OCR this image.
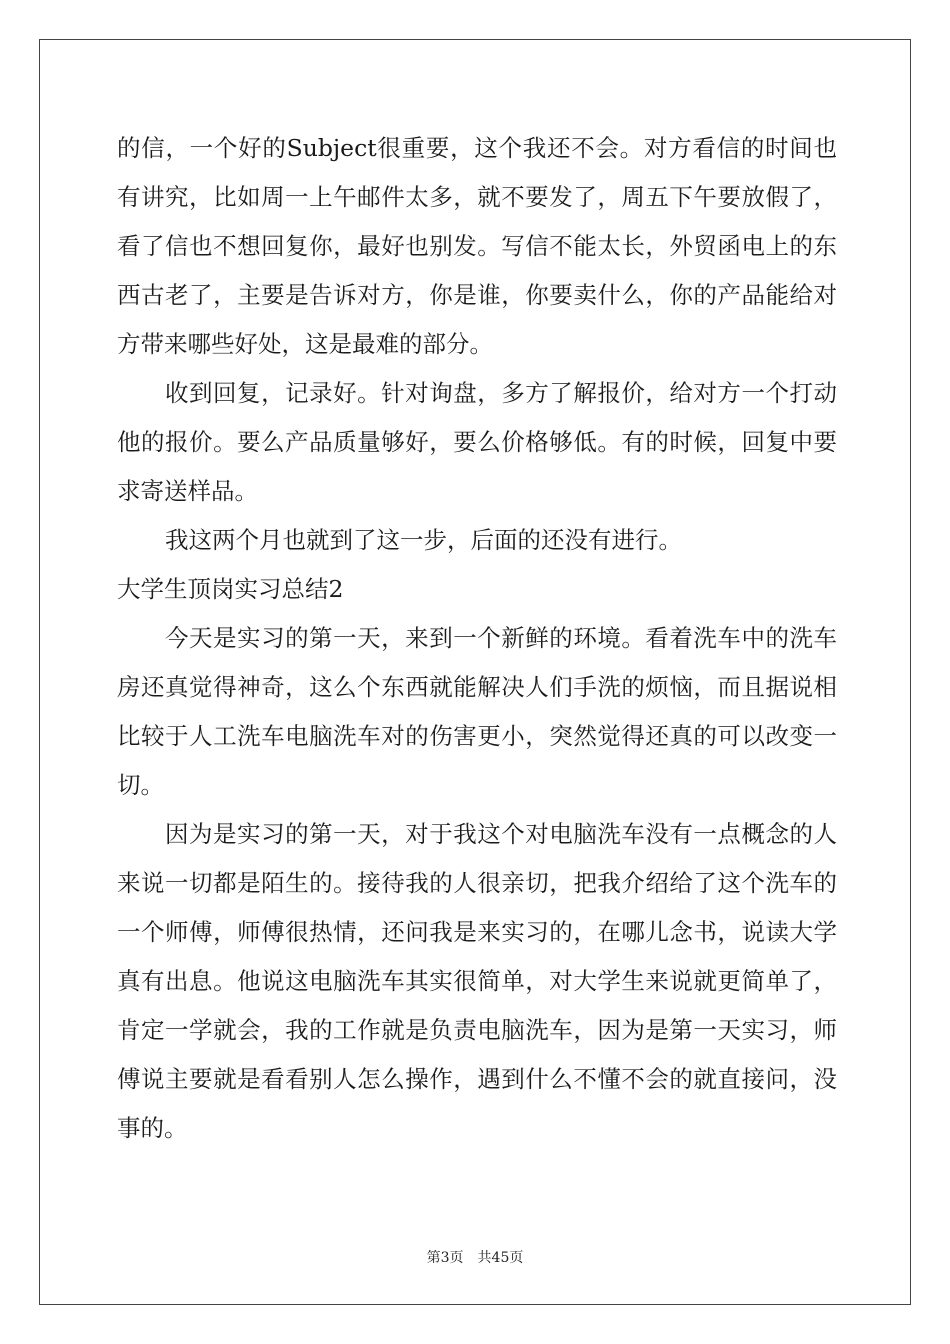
的信，一个好的Subject很重要，这个我还不会。对方看信的时间也
有讲究，比如周一上午邮件太多，就不要发了，周五下午要放假了，
看了信也不想回复你，最好也别发。写信不能太长，外贸函电上的东
西古老了，主要是告诉对方，你是谁，你要卖什么，你的产品能给对
方带来哪些好处，这是最难的部分。
收到回复，记录好。针对询盘，多方了解报价，给对方一个打动
他的报价。要么产品质量够好，要么价格够低。有的时候，回复中要
求寄送样品。
我这两个月也就到了这一步，后面的还没有进行。
大学生顶岗实习总结2
今天是实习的第一天，来到一个新鲜的环境。看着洗车中的洗车
房还真觉得神奇，这么个东西就能解决人们手洗的烦恼，而且据说相
比较于人工洗车电脑洗车对的伤害更小，突然觉得还真的可以改变一
切。
因为是实习的第一天，对于我这个对电脑洗车没有一点概念的人
来说一切都是陌生的。接待我的人很亲切，把我介绍给了这个洗车的
一个师傅，师傅很热情，还问我是来实习的，在哪儿念书，说读大学
真有出息。他说这电脑洗车其实很简单，对大学生来说就更简单了，
肯定一学就会，我的工作就是负责电脑洗车，因为是第一天实习，师
傅说主要就是看看别人怎么操作，遇到什么不懂不会的就直接问，没
事的。
第3页 共45页
